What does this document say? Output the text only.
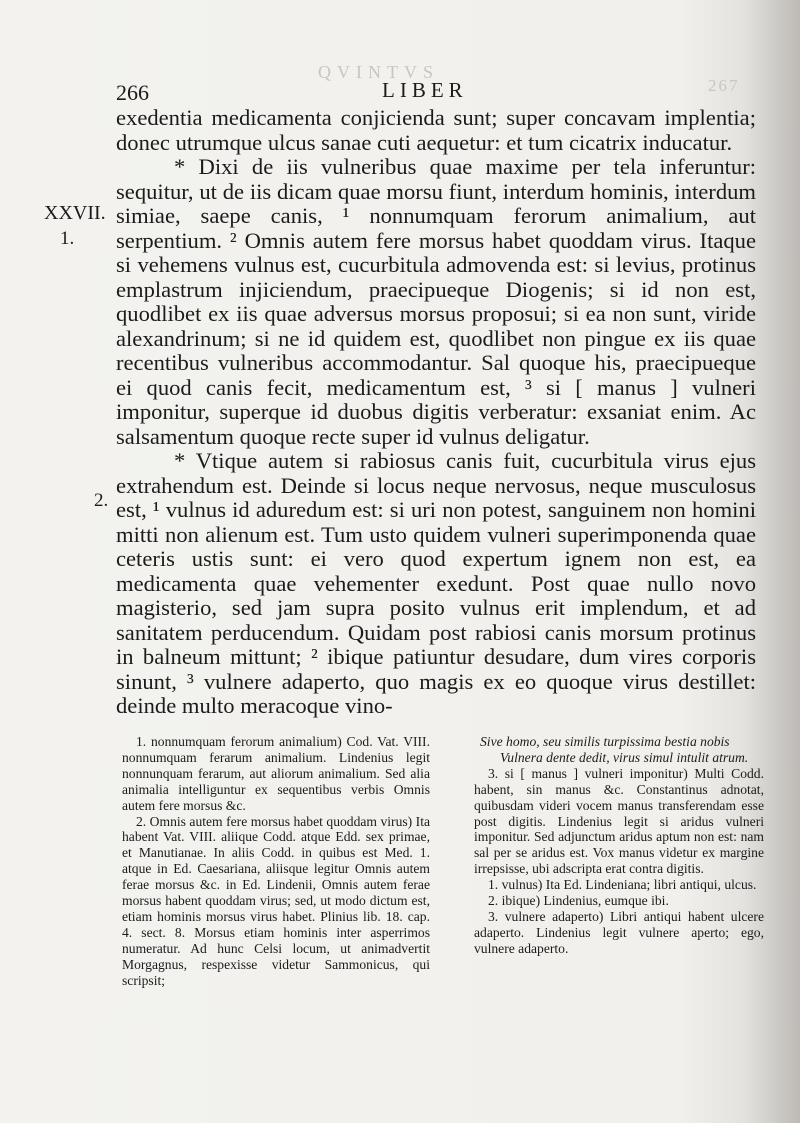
QVINTVS
267
266	LIBER
XXVII.
1.
2.

exedentia medicamenta conjicienda sunt; super concavam implentia; donec utrumque ulcus sanae cuti aequetur: et tum cicatrix inducatur.

* Dixi de iis vulneribus quae maxime per tela inferuntur: sequitur, ut de iis dicam quae morsu fiunt, interdum hominis, interdum simiae, saepe canis, ¹ nonnumquam ferorum animalium, aut serpentium. ² Omnis autem fere morsus habet quoddam virus. Itaque si vehemens vulnus est, cucurbitula admovenda est: si levius, protinus emplastrum injiciendum, praecipueque Diogenis; si id non est, quodlibet ex iis quae adversus morsus proposui; si ea non sunt, viride alexandrinum; si ne id quidem est, quodlibet non pingue ex iis quae recentibus vulneribus accommodantur. Sal quoque his, praecipueque ei quod canis fecit, medicamentum est, ³ si [ manus ] vulneri imponitur, superque id duobus digitis verberatur: exsaniat enim. Ac salsamentum quoque recte super id vulnus deligatur.

* Vtique autem si rabiosus canis fuit, cucurbitula virus ejus extrahendum est. Deinde si locus neque nervosus, neque musculosus est, ¹ vulnus id aduredum est: si uri non potest, sanguinem non homini mitti non alienum est. Tum usto quidem vulneri superimponenda quae ceteris ustis sunt: ei vero quod expertum ignem non est, ea medicamenta quae vehementer exedunt. Post quae nullo novo magisterio, sed jam supra posito vulnus erit implendum, et ad sanitatem perducendum. Quidam post rabiosi canis morsum protinus in balneum mittunt; ² ibique patiuntur desudare, dum vires corporis sinunt, ³ vulnere adaperto, quo magis ex eo quoque virus destillet: deinde multo meracoque vino-

1. nonnumquam ferorum animalium) Cod. Vat. VIII. nonnumquam ferarum animalium. Lindenius legit nonnunquam ferarum, aut aliorum animalium. Sed alia animalia intelliguntur ex sequentibus verbis Omnis autem fere morsus &c.

2. Omnis autem fere morsus habet quoddam virus) Ita habent Vat. VIII. aliique Codd. atque Edd. sex primae, et Manutianae. In aliis Codd. in quibus est Med. 1. atque in Ed. Caesariana, aliisque legitur Omnis autem ferae morsus &c. in Ed. Lindenii, Omnis autem ferae morsus habent quoddam virus; sed, ut modo dictum est, etiam hominis morsus virus habet. Plinius lib. 18. cap. 4. sect. 8. Morsus etiam hominis inter asperrimos numeratur. Ad hunc Celsi locum, ut animadvertit Morgagnus, respexisse videtur Sammonicus, qui scripsit;

Sive homo, seu similis turpissima bestia nobis

Vulnera dente dedit, virus simul intulit atrum.

3. si [ manus ] vulneri imponitur) Multi Codd. habent, sin manus &c. Constantinus adnotat, quibusdam videri vocem manus transferendam esse post digitis. Lindenius legit si aridus vulneri imponitur. Sed adjunctum aridus aptum non est: nam sal per se aridus est. Vox manus videtur ex margine irrepsisse, ubi adscripta erat contra digitis.

1. vulnus) Ita Ed. Lindeniana; libri antiqui, ulcus.

2. ibique) Lindenius, eumque ibi.

3. vulnere adaperto) Libri antiqui habent ulcere adaperto. Lindenius legit vulnere aperto; ego, vulnere adaperto.
